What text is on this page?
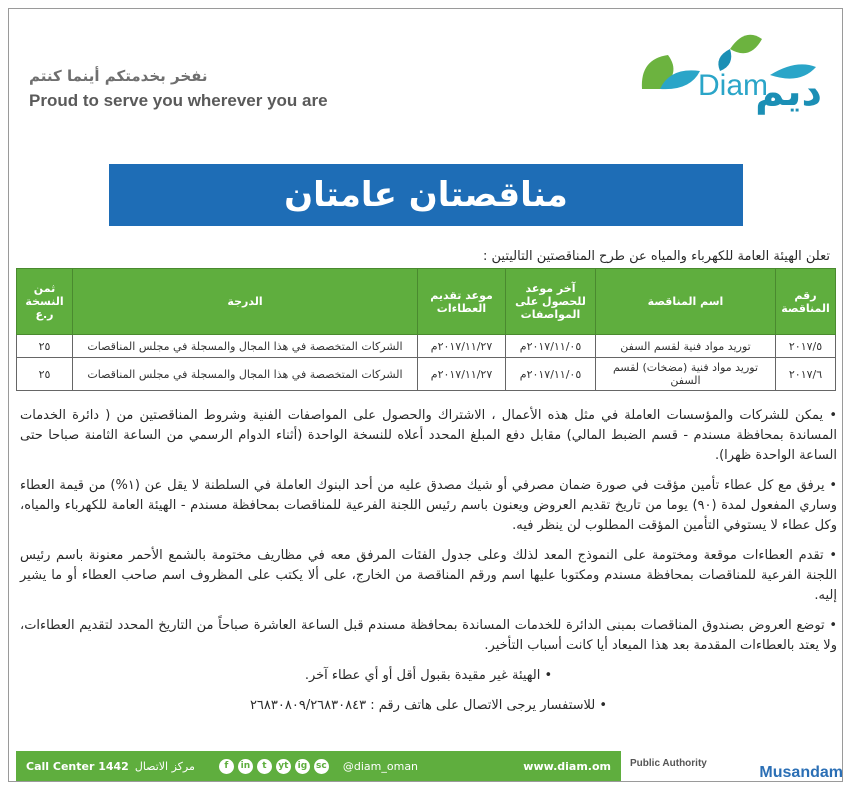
نفخر بخدمتكم أينما كنتم
Proud to serve you wherever you are	Diam
ديم
مناقصتان عامتان
تعلن الهيئة العامة للكهرباء والمياه عن طرح المناقصتين التاليتين :
رقم المناقصة	اسم المناقصة	آخر موعد للحصول على المواصفات	موعد تقديم العطاءات	الدرجة	ثمن النسخة ر.ع
٢٠١٧/٥	توريد مواد فنية لقسم السفن	٢٠١٧/١١/٠٥م	٢٠١٧/١١/٢٧م	الشركات المتخصصة في هذا المجال والمسجلة في مجلس المناقصات	٢٥
٢٠١٧/٦	توريد مواد فنية (مضخات) لقسم السفن	٢٠١٧/١١/٠٥م	٢٠١٧/١١/٢٧م	الشركات المتخصصة في هذا المجال والمسجلة في مجلس المناقصات	٢٥

• يمكن للشركات والمؤسسات العاملة في مثل هذه الأعمال ، الاشتراك والحصول على المواصفات الفنية وشروط المناقصتين من ( دائرة الخدمات المساندة بمحافظة مسندم - قسم الضبط المالي) مقابل دفع المبلغ المحدد أعلاه للنسخة الواحدة (أثناء الدوام الرسمي من الساعة الثامنة صباحا حتى الساعة الواحدة ظهرا).

• يرفق مع كل عطاء تأمين مؤقت في صورة ضمان مصرفي أو شيك مصدق عليه من أحد البنوك العاملة في السلطنة لا يقل عن (١%) من قيمة العطاء وساري المفعول لمدة (٩٠) يوما من تاريخ تقديم العروض ويعنون باسم رئيس اللجنة الفرعية للمناقصات بمحافظة مسندم - الهيئة العامة للكهرباء والمياه، وكل عطاء لا يستوفي التأمين المؤقت المطلوب لن ينظر فيه.

• تقدم العطاءات موقعة ومختومة على النموذج المعد لذلك وعلى جدول الفئات المرفق معه في مظاريف مختومة بالشمع الأحمر معنونة باسم رئيس اللجنة الفرعية للمناقصات بمحافظة مسندم ومكتوبا عليها اسم ورقم المناقصة من الخارج، على ألا يكتب على المظروف اسم صاحب العطاء أو ما يشير إليه.

• توضع العروض بصندوق المناقصات بمبنى الدائرة للخدمات المساندة بمحافظة مسندم قبل الساعة العاشرة صباحاً من التاريخ المحدد لتقديم العطاءات، ولا يعتد بالعطاءات المقدمة بعد هذا الميعاد أيا كانت أسباب التأخير.

• الهيئة غير مقيدة بقبول أقل أو أي عطاء آخر.

• للاستفسار يرجى الاتصال على هاتف رقم : ٢٦٨٣٠٨٠٩/٢٦٨٣٠٨٤٣

Call Center 1442 مركز الاتصال	f	in	t	yt	ig sc @diam_oman	www.diam.om Public Authority
Musandam
